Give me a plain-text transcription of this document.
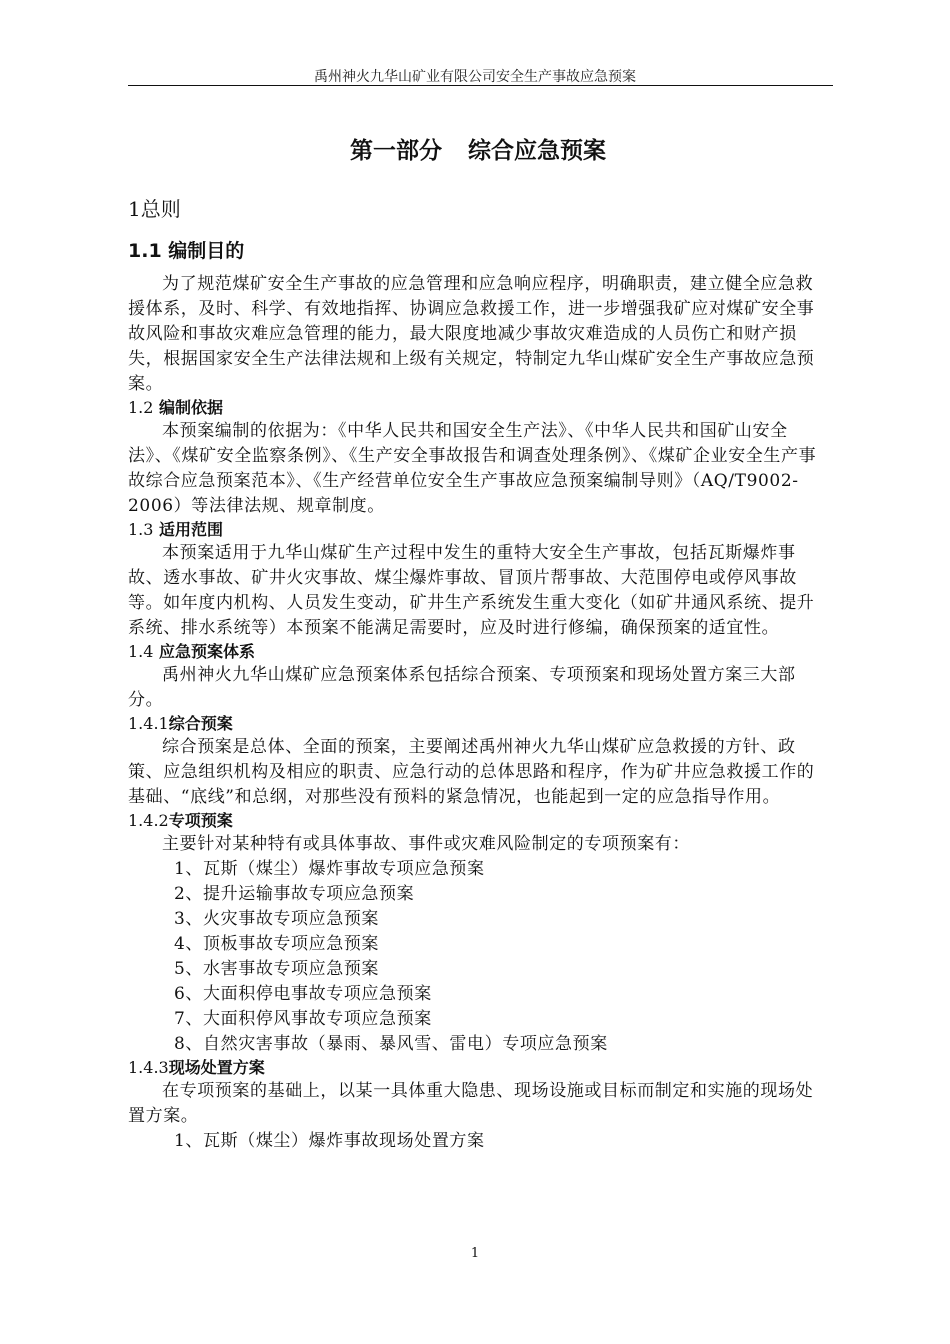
禹州神火九华山矿业有限公司安全生产事故应急预案
第一部分 综合应急预案
1总则
1.1 编制目的

为了规范煤矿安全生产事故的应急管理和应急响应程序，明确职责，建立健全应急救援体系，及时、科学、有效地指挥、协调应急救援工作，进一步增强我矿应对煤矿安全事故风险和事故灾难应急管理的能力，最大限度地减少事故灾难造成的人员伤亡和财产损失，根据国家安全生产法律法规和上级有关规定，特制定九华山煤矿安全生产事故应急预案。

1.2 编制依据

本预案编制的依据为：《中华人民共和国安全生产法》、《中华人民共和国矿山安全法》、《煤矿安全监察条例》、《生产安全事故报告和调查处理条例》、《煤矿企业安全生产事故综合应急预案范本》、《生产经营单位安全生产事故应急预案编制导则》（AQ/T9002-2006）等法律法规、规章制度。

1.3 适用范围

本预案适用于九华山煤矿生产过程中发生的重特大安全生产事故，包括瓦斯爆炸事故、透水事故、矿井火灾事故、煤尘爆炸事故、冒顶片帮事故、大范围停电或停风事故等。如年度内机构、人员发生变动，矿井生产系统发生重大变化（如矿井通风系统、提升系统、排水系统等）本预案不能满足需要时，应及时进行修编，确保预案的适宜性。

1.4 应急预案体系

禹州神火九华山煤矿应急预案体系包括综合预案、专项预案和现场处置方案三大部分。

1.4.1综合预案

综合预案是总体、全面的预案，主要阐述禹州神火九华山煤矿应急救援的方针、政策、应急组织机构及相应的职责、应急行动的总体思路和程序，作为矿井应急救援工作的基础、“底线”和总纲，对那些没有预料的紧急情况，也能起到一定的应急指导作用。

1.4.2专项预案

主要针对某种特有或具体事故、事件或灾难风险制定的专项预案有：

1、瓦斯（煤尘）爆炸事故专项应急预案

2、提升运输事故专项应急预案

3、火灾事故专项应急预案

4、顶板事故专项应急预案

5、水害事故专项应急预案

6、大面积停电事故专项应急预案

7、大面积停风事故专项应急预案

8、自然灾害事故（暴雨、暴风雪、雷电）专项应急预案

1.4.3现场处置方案

在专项预案的基础上，以某一具体重大隐患、现场设施或目标而制定和实施的现场处置方案。

1、瓦斯（煤尘）爆炸事故现场处置方案

1
